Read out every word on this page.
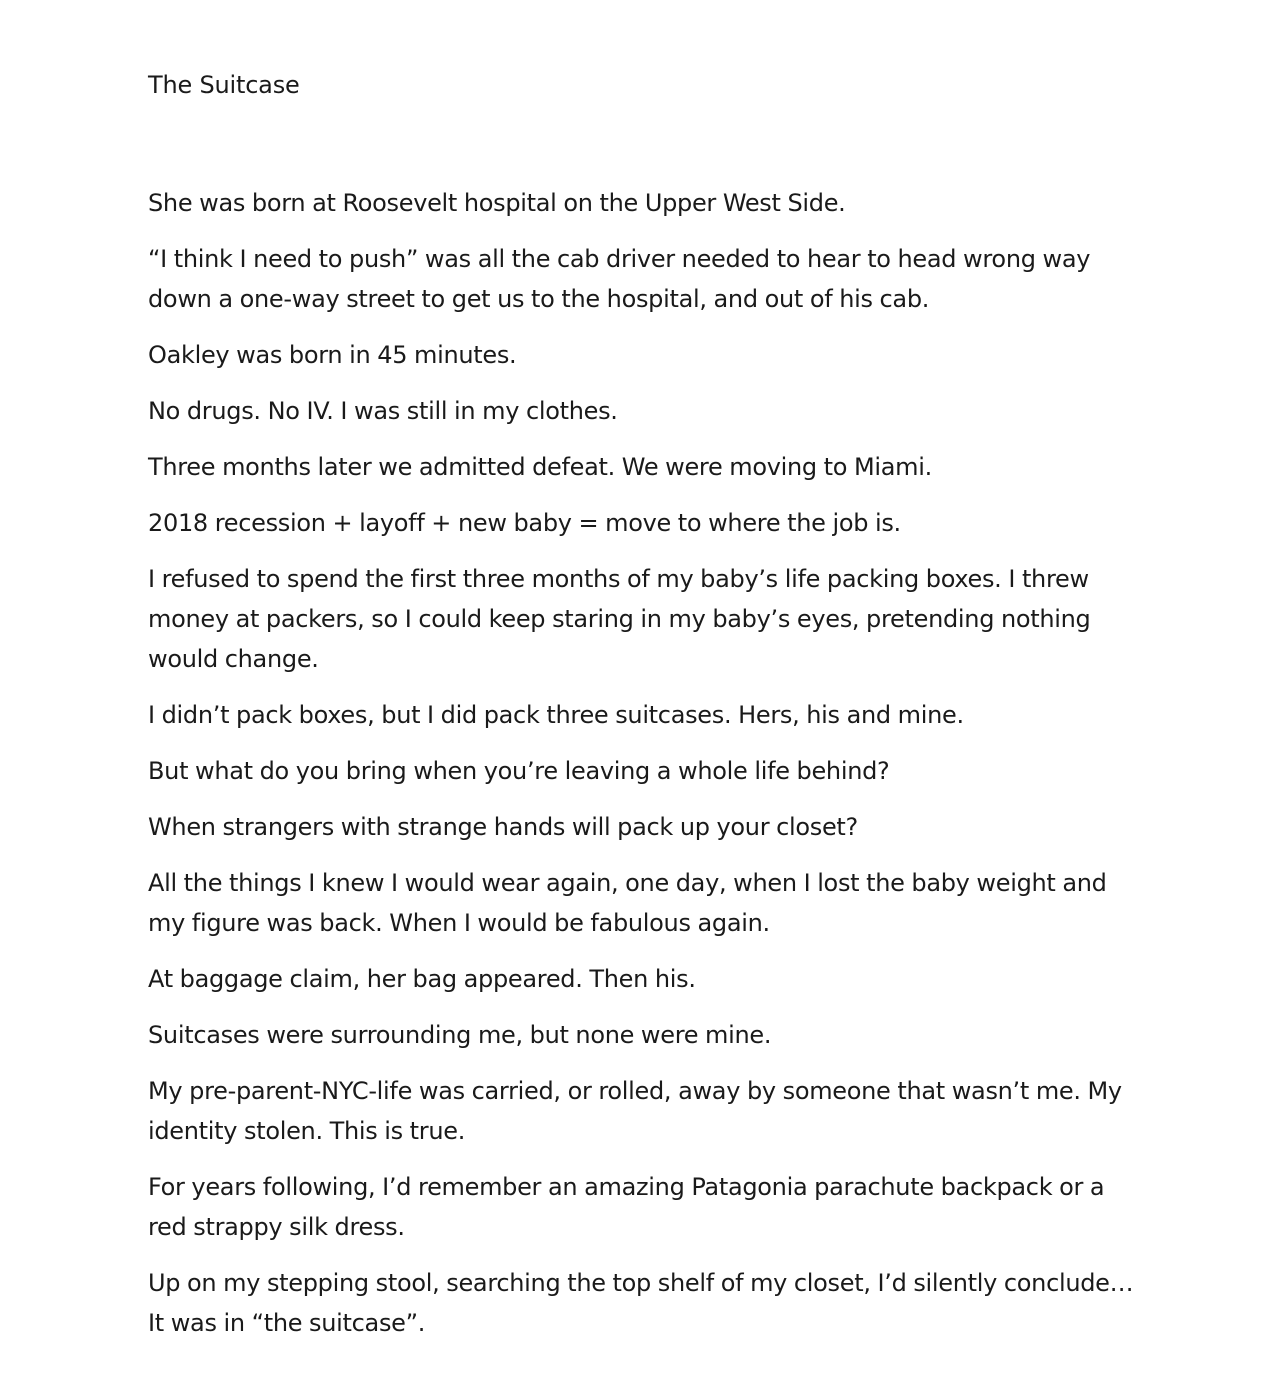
The Suitcase

She was born at Roosevelt hospital on the Upper West Side.

“I think I need to push” was all the cab driver needed to hear to head wrong way down a one-way street to get us to the hospital, and out of his cab.

Oakley was born in 45 minutes.

No drugs. No IV. I was still in my clothes.

Three months later we admitted defeat. We were moving to Miami.

2018 recession + layoff + new baby = move to where the job is.

I refused to spend the first three months of my baby’s life packing boxes. I threw money at packers, so I could keep staring in my baby’s eyes, pretending nothing would change.

I didn’t pack boxes, but I did pack three suitcases. Hers, his and mine.

But what do you bring when you’re leaving a whole life behind?

When strangers with strange hands will pack up your closet?

All the things I knew I would wear again, one day, when I lost the baby weight and my figure was back. When I would be fabulous again.

At baggage claim, her bag appeared. Then his.

Suitcases were surrounding me, but none were mine.

My pre-parent-NYC-life was carried, or rolled, away by someone that wasn’t me. My identity stolen. This is true.

For years following, I’d remember an amazing Patagonia parachute backpack or a red strappy silk dress.

Up on my stepping stool, searching the top shelf of my closet, I’d silently conclude…It was in “the suitcase”.
